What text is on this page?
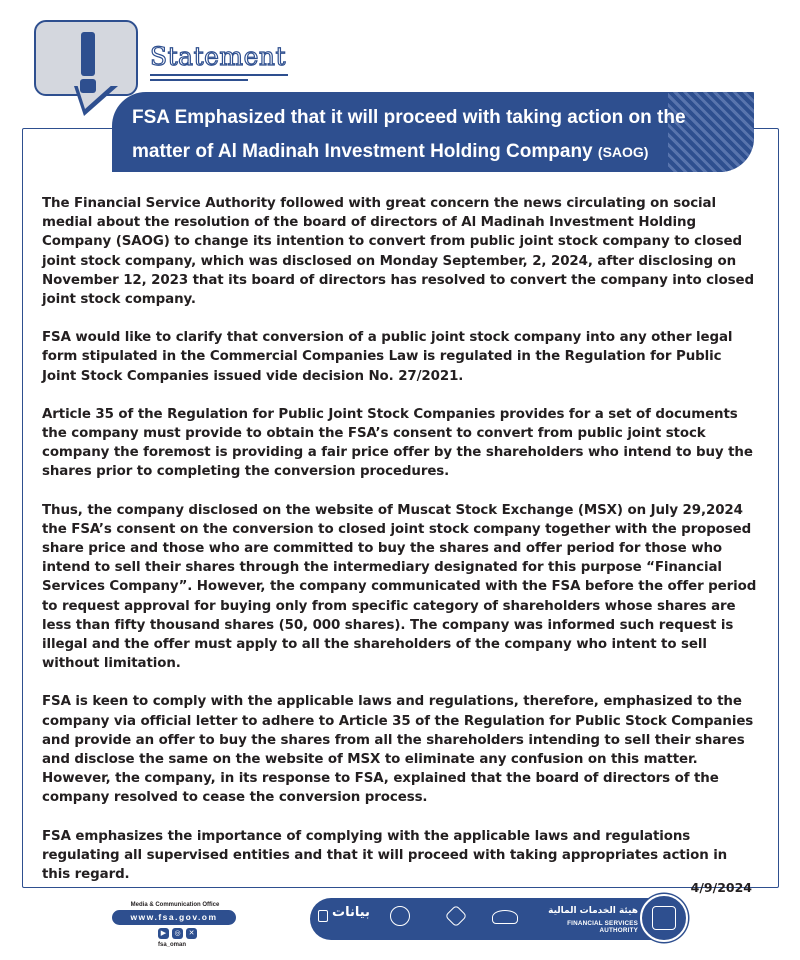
Statement
FSA Emphasized that it will proceed with taking action on the matter of Al Madinah Investment Holding Company (SAOG)

The Financial Service Authority followed with great concern the news circulating on social medial about the resolution of the board of directors of Al Madinah Investment Holding Company (SAOG) to change its intention to convert from public joint stock company to closed joint stock company, which was disclosed on Monday September, 2, 2024, after disclosing on November 12, 2023 that its board of directors has resolved to convert the company into closed joint stock company.

FSA would like to clarify that conversion of a public joint stock company into any other legal form stipulated in the Commercial Companies Law is regulated in the Regulation for Public Joint Stock Companies issued vide decision No. 27/2021.

Article 35 of the Regulation for Public Joint Stock Companies provides for a set of documents the company must provide to obtain the FSA’s consent to convert from public joint stock company the foremost is providing a fair price offer by the shareholders who intend to buy the shares prior to completing the conversion procedures.

Thus, the company disclosed on the website of Muscat Stock Exchange (MSX) on July 29,2024 the FSA’s consent on the conversion to closed joint stock company together with the proposed share price and those who are committed to buy the shares and offer period for those who intend to sell their shares through the intermediary designated for this purpose “Financial Services Company”. However, the company communicated with the FSA before the offer period to request approval for buying only from specific category of shareholders whose shares are less than fifty thousand shares (50, 000 shares). The company was informed such request is illegal and the offer must apply to all the shareholders of the company who intent to sell without limitation.

FSA is keen to comply with the applicable laws and regulations, therefore, emphasized to the company via official letter to adhere to Article 35 of the Regulation for Public Stock Companies and provide an offer to buy the shares from all the shareholders intending to sell their shares and disclose the same on the website of MSX to eliminate any confusion on this matter. However, the company, in its response to FSA, explained that the board of directors of the company resolved to cease the conversion process.

FSA emphasizes the importance of complying with the applicable laws and regulations regulating all supervised entities and that it will proceed with taking appropriates action in this regard.

4/9/2024
Media & Communication Office
www.fsa.gov.om
▶	◎	✕
fsa_oman
بيانات	هيئة الخدمات المالية
FINANCIAL SERVICES AUTHORITY
